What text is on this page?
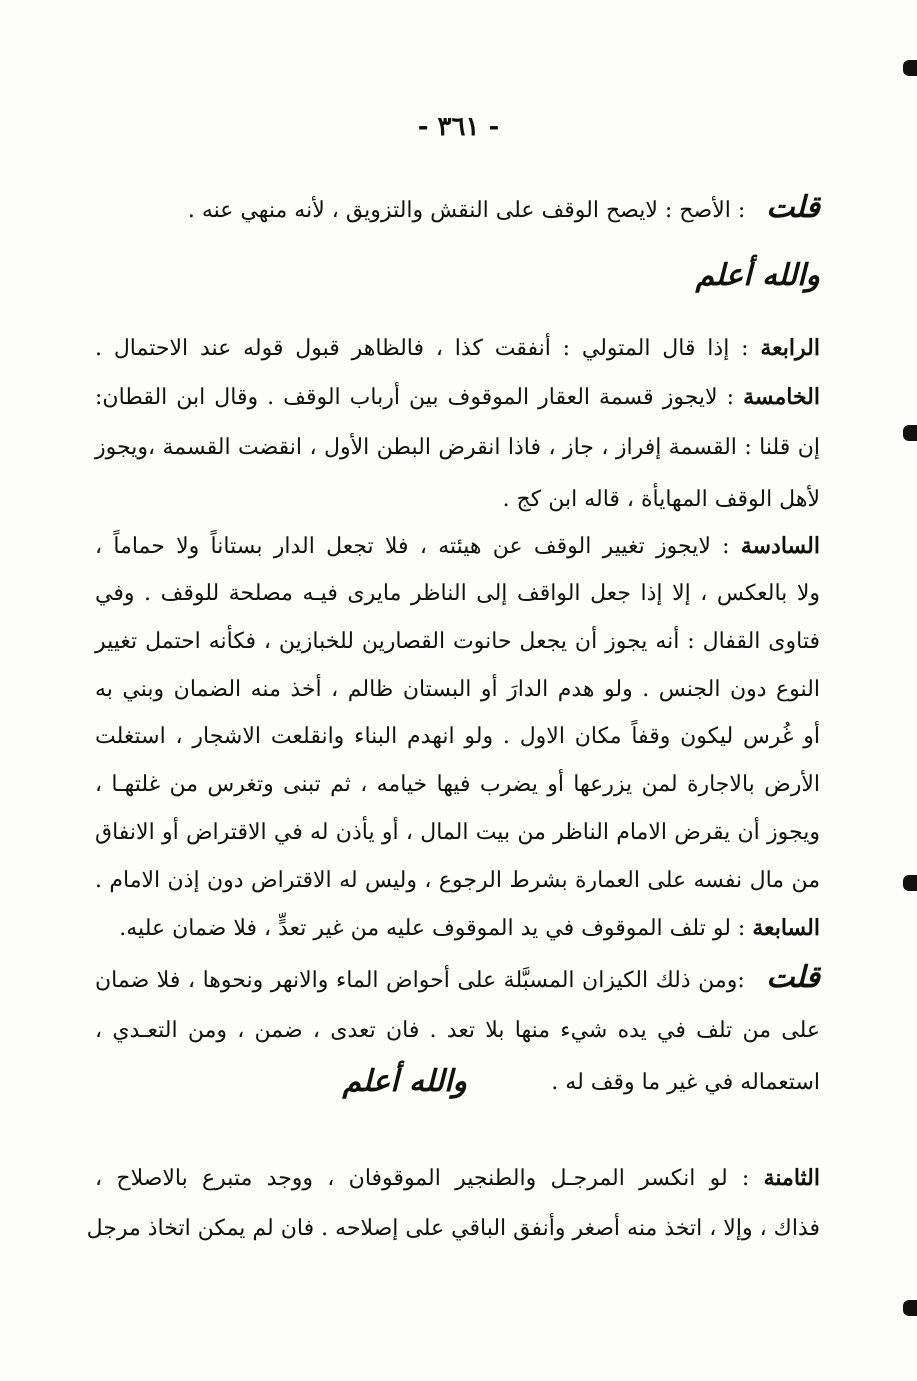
- ٣٦١ -
قلت : الأصح : لايصح الوقف على النقش والتزويق ، لأنه منهي عنه .
والله أعلم
الرابعة : إذا قال المتولي : أنفقت كذا ، فالظاهر قبول قوله عند الاحتمال .
الخامسة : لايجوز قسمة العقار الموقوف بين أرباب الوقف . وقال ابن القطان:
إن قلنا : القسمة إفراز ، جاز ، فاذا انقرض البطن الأول ، انقضت القسمة ،ويجوز
لأهل الوقف المهايأة ، قاله ابن كج .
السادسة : لايجوز تغيير الوقف عن هيئته ، فلا تجعل الدار بستاناً ولا حماماً ،
ولا بالعكس ، إلا إذا جعل الواقف إلى الناظر مايرى فيـه مصلحة للوقف . وفي
فتاوى القفال : أنه يجوز أن يجعل حانوت القصارين للخبازين ، فكأنه احتمل تغيير
النوع دون الجنس . ولو هدم الدارَ أو البستان ظالم ، أخذ منه الضمان وبني به
أو غُرس ليكون وقفاً مكان الاول . ولو انهدم البناء وانقلعت الاشجار ، استغلت
الأرض بالاجارة لمن يزرعها أو يضرب فيها خيامه ، ثم تبنى وتغرس من غلتهـا ،
ويجوز أن يقرض الامام الناظر من بيت المال ، أو يأذن له في الاقتراض أو الانفاق
من مال نفسه على العمارة بشرط الرجوع ، وليس له الاقتراض دون إذن الامام .
السابعة : لو تلف الموقوف في يد الموقوف عليه من غير تعدٍّ ، فلا ضمان عليه.
قلت :ومن ذلك الكيزان المسبَّلة على أحواض الماء والانهر ونحوها ، فلا ضمان
على من تلف في يده شيء منها بلا تعد . فان تعدى ، ضمن ، ومن التعـدي ،
استعماله في غير ما وقف له .
والله أعلم
الثامنة : لو انكسر المرجـل والطنجير الموقوفان ، ووجد متبرع بالاصلاح ،
فذاك ، وإلا ، اتخذ منه أصغر وأنفق الباقي على إصلاحه . فان لم يمكن اتخاذ مرجل
